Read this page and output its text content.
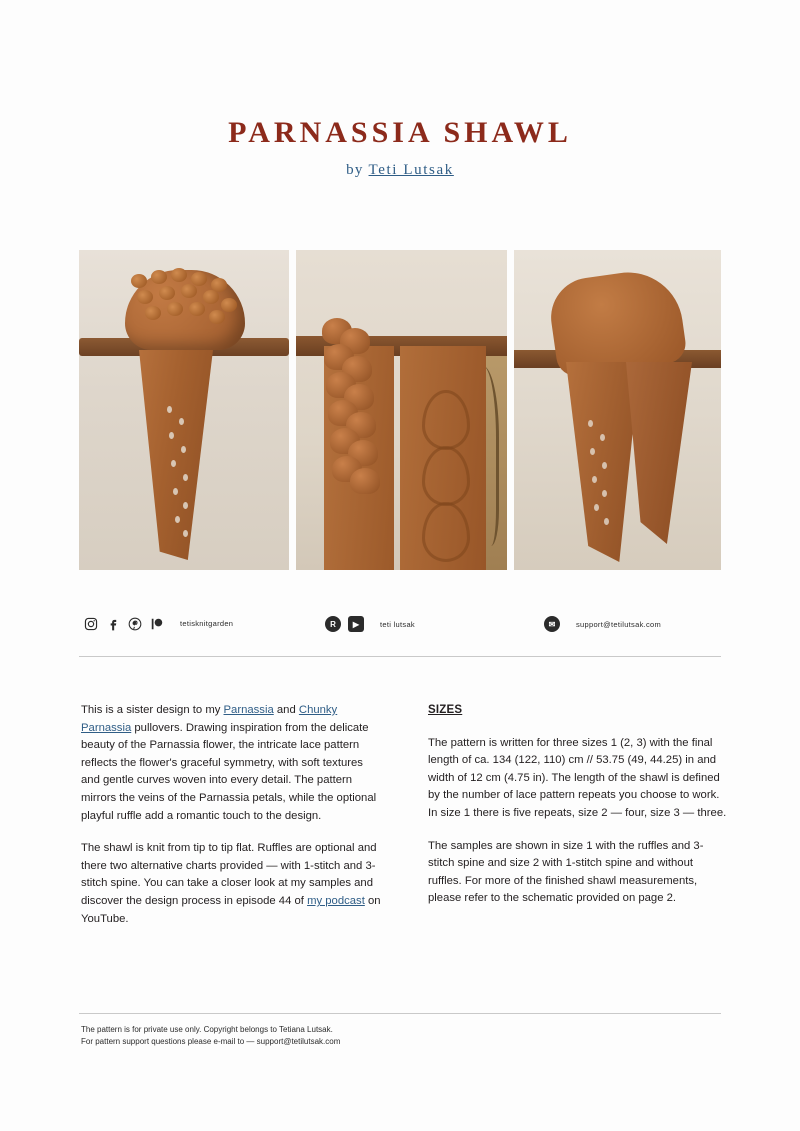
PARNASSIA SHAWL
by Teti Lutsak
tetisknitgarden	R	▶	teti lutsak	✉	support@tetilutsak.com

This is a sister design to my Parnassia and Chunky Parnassia pullovers. Drawing inspiration from the delicate beauty of the Parnassia flower, the intricate lace pattern reflects the flower's graceful symmetry, with soft textures and gentle curves woven into every detail. The pattern mirrors the veins of the Parnassia petals, while the optional playful ruffle add a romantic touch to the design.

The shawl is knit from tip to tip flat. Ruffles are optional and there two alternative charts provided — with 1-stitch and 3-stitch spine. You can take a closer look at my samples and discover the design process in episode 44 of my podcast on YouTube.

SIZES

The pattern is written for three sizes 1 (2, 3) with the final length of ca. 134 (122, 110) cm // 53.75 (49, 44.25) in and width of 12 cm (4.75 in). The length of the shawl is defined by the number of lace pattern repeats you choose to work. In size 1 there is five repeats, size 2 — four, size 3 — three.

The samples are shown in size 1 with the ruffles and 3-stitch spine and size 2 with 1-stitch spine and without ruffles. For more of the finished shawl measurements, please refer to the schematic provided on page 2.

The pattern is for private use only. Copyright belongs to Tetiana Lutsak.
For pattern support questions please e-mail to — support@tetilutsak.com
